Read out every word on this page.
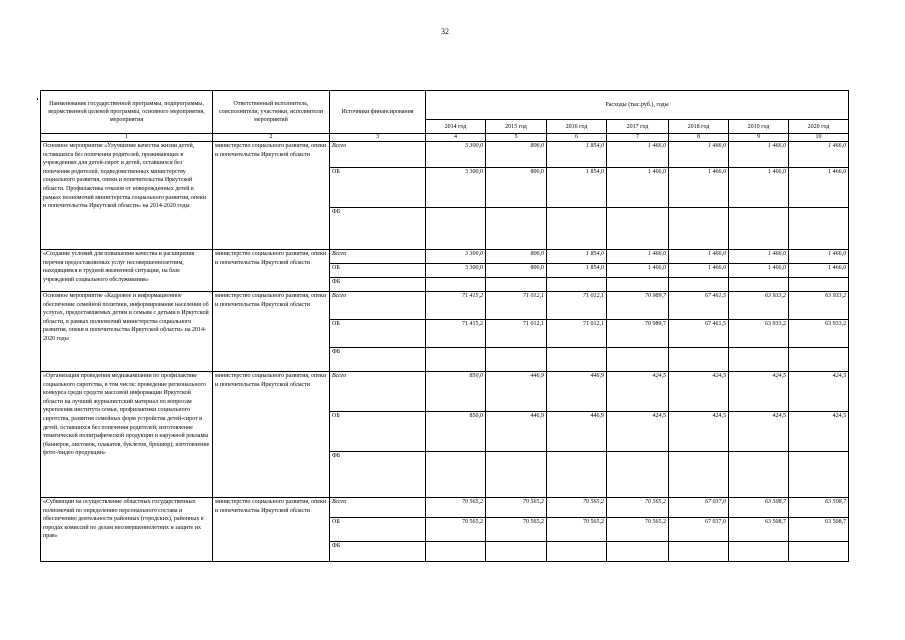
32
Наименование государственной программы, подпрограммы, ведомственной целевой программы, основного мероприятия, мероприятия	Ответственный исполнитель, соисполнители, участники, исполнители мероприятий	Источники финансирования	Расходы (тыс.руб.), годы						
			2014 год	2015 год	2016 год	2017 год	2018 год	2019 год	2020 год
1	2	3	4	5	6	7	8	9	10
Основное мероприятие «Улучшение качества жизни детей, оставшихся без попечения родителей, проживающих в учреждениях для детей-сирот и детей, оставшихся без попечения родителей, подведомственных министерству социального развития, опеки и попечительства Иркутской области. Профилактика отказов от новорожденных детей в рамках полномочий министерства социального развития, опеки и попечительства Иркутской области» на 2014-2020 годы	министерство социального развития, опеки и попечительства Иркутской области	Всего	3 300,0	806,0	1 854,0	1 466,0	1 466,0	1 466,0	1 466,0
		ОБ	3 300,0	806,0	1 854,0	1 466,0	1 466,0	1 466,0	1 466,0
		ФБ							
«Создание условий для повышения качества и расширения перечня предоставляемых услуг несовершеннолетним, находящимся в трудной жизненной ситуации, на базе учреждений социального обслуживания»	министерство социального развития, опеки и попечительства Иркутской области	Всего	3 300,0	806,0	1 854,0	1 466,0	1 466,0	1 466,0	1 466,0
		ОБ	3 300,0	806,0	1 854,0	1 466,0	1 466,0	1 466,0	1 466,0
		ФБ							
Основное мероприятие «Кадровое и информационное обеспечение семейной политики, информирование населения об услугах, предоставляемых детям и семьям с детьми в Иркутской области, в рамках полномочий министерства социального развития, опеки и попечительства Иркутской области» на 2014-2020 годы	министерство социального развития, опеки и попечительства Иркутской области	Всего	71 415,2	71 012,1	71 012,1	70 989,7	67 461,5	63 933,2	63 933,2
		ОБ	71 415,2	71 012,1	71 012,1	70 989,7	67 461,5	63 933,2	63 933,2
		ФБ							
«Организация проведения медиакампании по профилактике социального сиротства, в том числе: проведение регионального конкурса среди средств массовой информации Иркутской области на лучший журналистский материал по вопросам укрепления института семьи, профилактики социального сиротства, развития семейных форм устройства детей-сирот и детей, оставшихся без попечения родителей; изготовление тематической полиграфической продукции и наружной рекламы (баннеров, листовок, плакатов, буклетов, брошюр); изготовление фото-/видео продукции»	министерство социального развития, опеки и попечительства Иркутской области	Всего	850,0	446,9	446,9	424,5	424,5	424,5	424,5
		ОБ	850,0	446,9	446,9	424,5	424,5	424,5	424,5
		ФБ							
«Субвенции на осуществление областных государственных полномочий по определению персонального состава и обеспечению деятельности районных (городских), районных в городах комиссий по делам несовершеннолетних и защите их прав»	министерство социального развития, опеки и попечительства Иркутской области	Всего	70 565,2	70 565,2	70 565,2	70 565,2	67 037,0	63 508,7	63 508,7
		ОБ	70 565,2	70 565,2	70 565,2	70 565,2	67 037,0	63 508,7	63 508,7
		ФБ							
